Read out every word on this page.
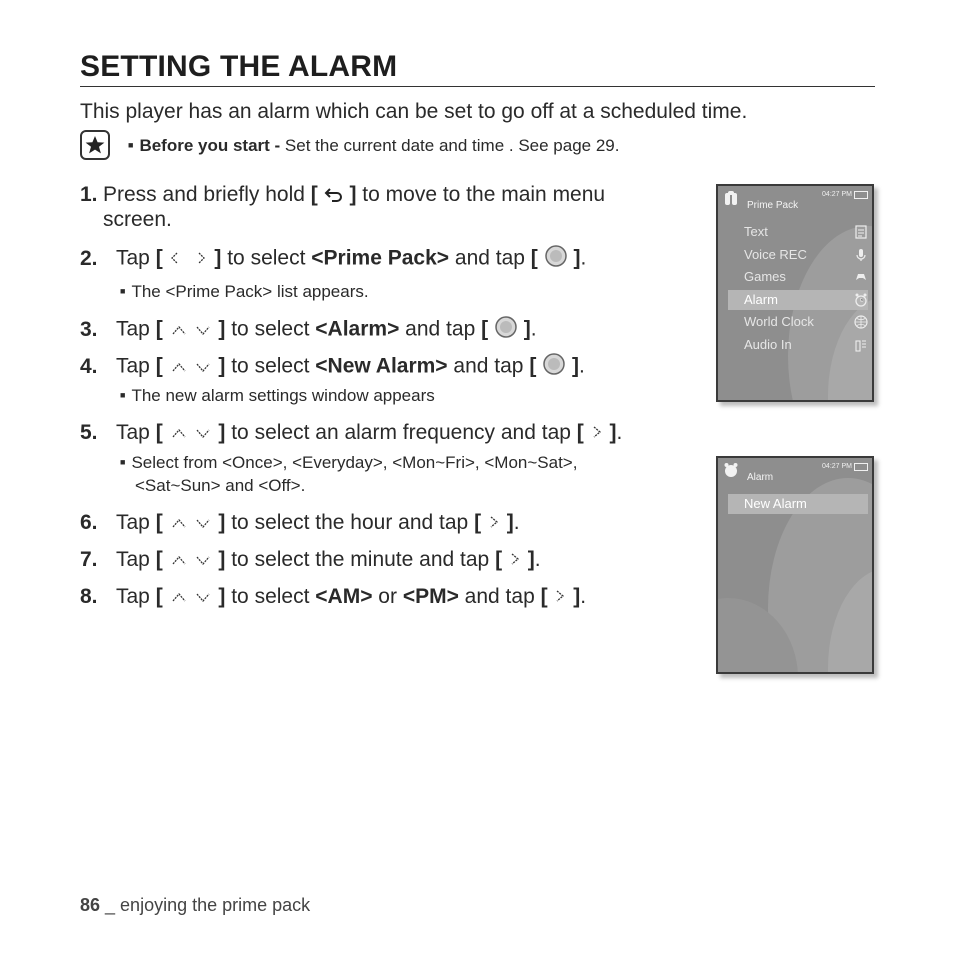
SETTING THE ALARM
This player has an alarm which can be set to go off at a scheduled time.
■ Before you start - Set the current date and time . See page 29.
1. Press and briefly hold [ ] to move to the main menu
screen.
2. Tap [ ] to select <Prime Pack> and tap [ ].
■ The <Prime Pack> list appears.
3. Tap [	] to select <Alarm> and tap [ ].
4. Tap [	] to select <New Alarm> and tap [ ].
■ The new alarm settings window appears
5. Tap [	] to select an alarm frequency and tap [ ].
■ Select from <Once>, <Everyday>, <Mon~Fri>, <Mon~Sat>,
<Sat~Sun> and <Off>.
6. Tap [	] to select the hour and tap [ ].
7. Tap [	] to select the minute and tap [ ].
8. Tap [	] to select <AM> or <PM> and tap [ ].
Prime Pack
04:27 PM
Text
Voice REC
Games
Alarm
World Clock
Audio In
Alarm
04:27 PM
New Alarm
86 _ enjoying the prime pack
